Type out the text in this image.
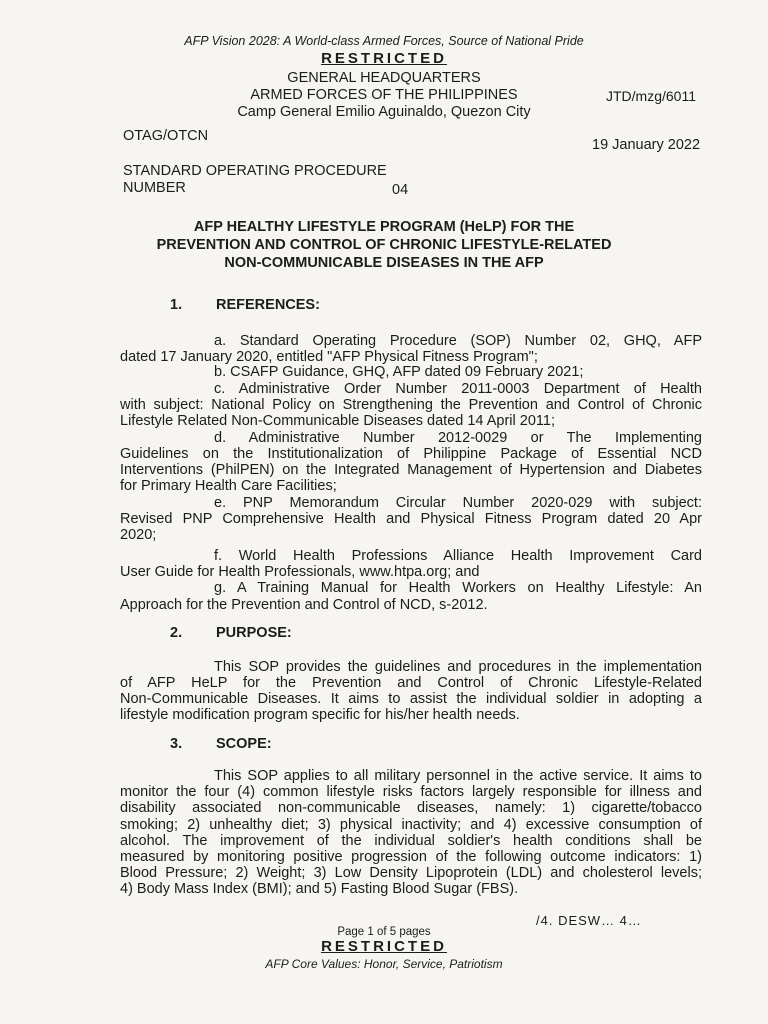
AFP Vision 2028: A World-class Armed Forces, Source of National Pride
RESTRICTED
GENERAL HEADQUARTERS
ARMED FORCES OF THE PHILIPPINES
Camp General Emilio Aguinaldo, Quezon City
JTD/mzg/6011
OTAG/OTCN
19 January 2022
STANDARD OPERATING PROCEDURE
NUMBER	04
AFP HEALTHY LIFESTYLE PROGRAM (HeLP) FOR THE
PREVENTION AND CONTROL OF CHRONIC LIFESTYLE-RELATED
NON-COMMUNICABLE DISEASES IN THE AFP
1. REFERENCES:
a. Standard Operating Procedure (SOP) Number 02, GHQ, AFP
dated 17 January 2020, entitled "AFP Physical Fitness Program";
b. CSAFP Guidance, GHQ, AFP dated 09 February 2021;
c. Administrative Order Number 2011-0003 Department of Health
with subject: National Policy on Strengthening the Prevention and Control of Chronic
Lifestyle Related Non-Communicable Diseases dated 14 April 2011;
d. Administrative Number 2012-0029 or The Implementing
Guidelines on the Institutionalization of Philippine Package of Essential NCD
Interventions (PhilPEN) on the Integrated Management of Hypertension and Diabetes
for Primary Health Care Facilities;
e. PNP Memorandum Circular Number 2020-029 with subject:
Revised PNP Comprehensive Health and Physical Fitness Program dated 20 Apr
2020;
f. World Health Professions Alliance Health Improvement Card
User Guide for Health Professionals, www.htpa.org; and
g. A Training Manual for Health Workers on Healthy Lifestyle: An
Approach for the Prevention and Control of NCD, s-2012.
2. PURPOSE:
This SOP provides the guidelines and procedures in the implementation
of AFP HeLP for the Prevention and Control of Chronic Lifestyle-Related
Non-Communicable Diseases. It aims to assist the individual soldier in adopting a
lifestyle modification program specific for his/her health needs.
3. SCOPE:
This SOP applies to all military personnel in the active service. It aims to
monitor the four (4) common lifestyle risks factors largely responsible for illness and
disability associated non-communicable diseases, namely: 1) cigarette/tobacco
smoking; 2) unhealthy diet; 3) physical inactivity; and 4) excessive consumption of
alcohol. The improvement of the individual soldier's health conditions shall be
measured by monitoring positive progression of the following outcome indicators: 1)
Blood Pressure; 2) Weight; 3) Low Density Lipoprotein (LDL) and cholesterol levels;
4) Body Mass Index (BMI); and 5) Fasting Blood Sugar (FBS).
/4. DESW… 4…
Page 1 of 5 pages
RESTRICTED
AFP Core Values: Honor, Service, Patriotism
